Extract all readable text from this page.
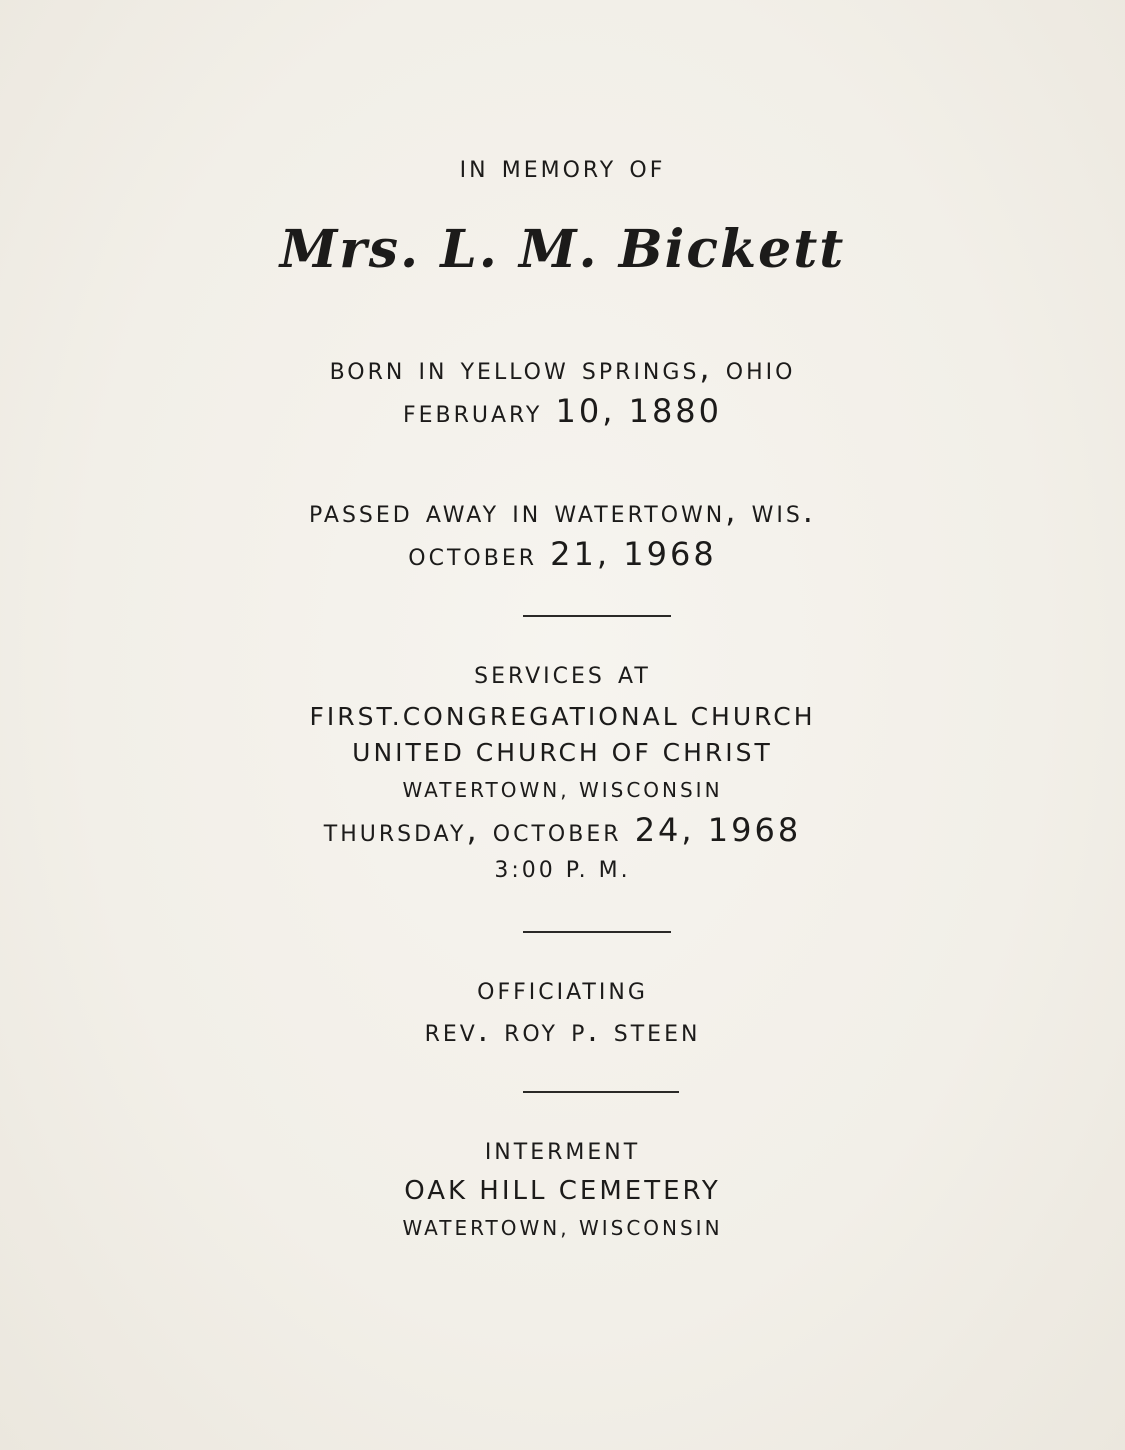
in memory of
Mrs. L. M. Bickett
born in yellow springs, ohio
february 10, 1880
passed away in watertown, wis.
october 21, 1968
services at
FIRST.CONGREGATIONAL CHURCH
UNITED CHURCH OF CHRIST
WATERTOWN, WISCONSIN
thursday, october 24, 1968
3:00 P. M.
officiating
rev. roy p. steen
interment
OAK HILL CEMETERY
WATERTOWN, WISCONSIN
